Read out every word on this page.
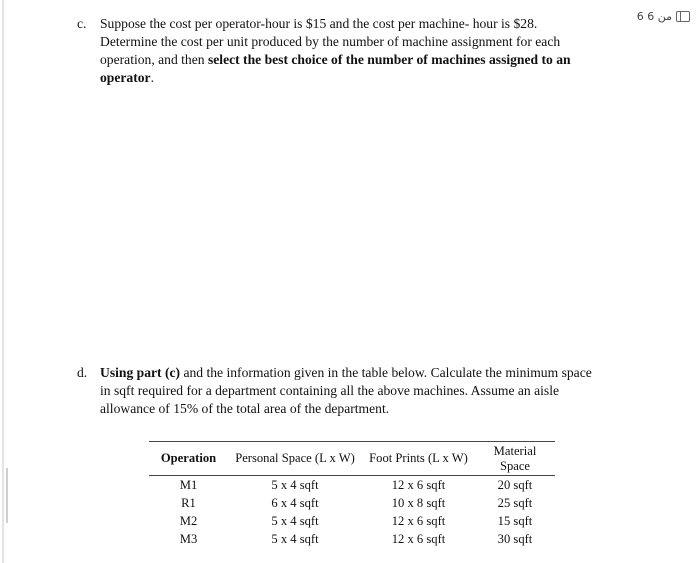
6 من 6
c. Suppose the cost per operator-hour is $15 and the cost per machine- hour is $28.
Determine the cost per unit produced by the number of machine assignment for each
operation, and then select the best choice of the number of machines assigned to an
operator.
d. Using part (c) and the information given in the table below. Calculate the minimum space
in sqft required for a department containing all the above machines. Assume an aisle
allowance of 15% of the total area of the department.
Operation	Personal Space (L x W)	Foot Prints (L x W)	Material Space
M1	5 x 4 sqft	12 x 6 sqft	20 sqft
R1	6 x 4 sqft	10 x 8 sqft	25 sqft
M2	5 x 4 sqft	12 x 6 sqft	15 sqft
M3	5 x 4 sqft	12 x 6 sqft	30 sqft
